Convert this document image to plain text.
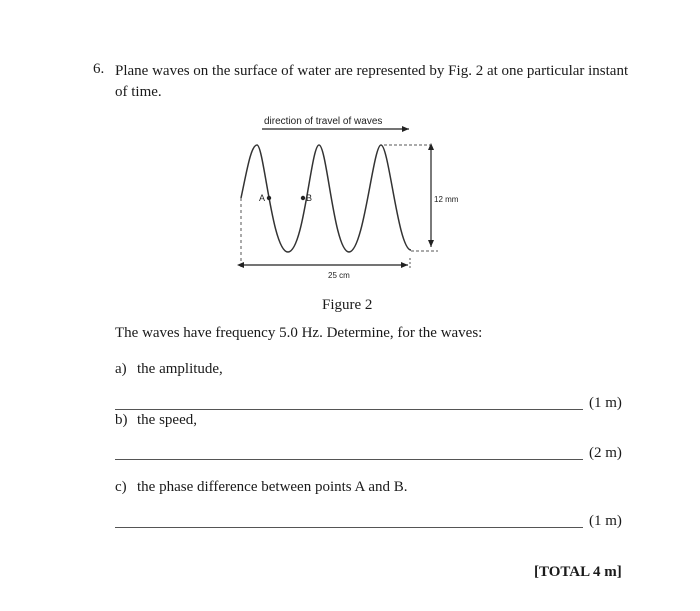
6. Plane waves on the surface of water are represented by Fig. 2 at one particular instant of time.
direction of travel of waves
12 mm
A	B
25 cm
Figure 2
The waves have frequency 5.0 Hz. Determine, for the waves:
a) the amplitude,
(1 m)
b) the speed,
(2 m)
c) the phase difference between points A and B.
(1 m)
[TOTAL 4 m]
